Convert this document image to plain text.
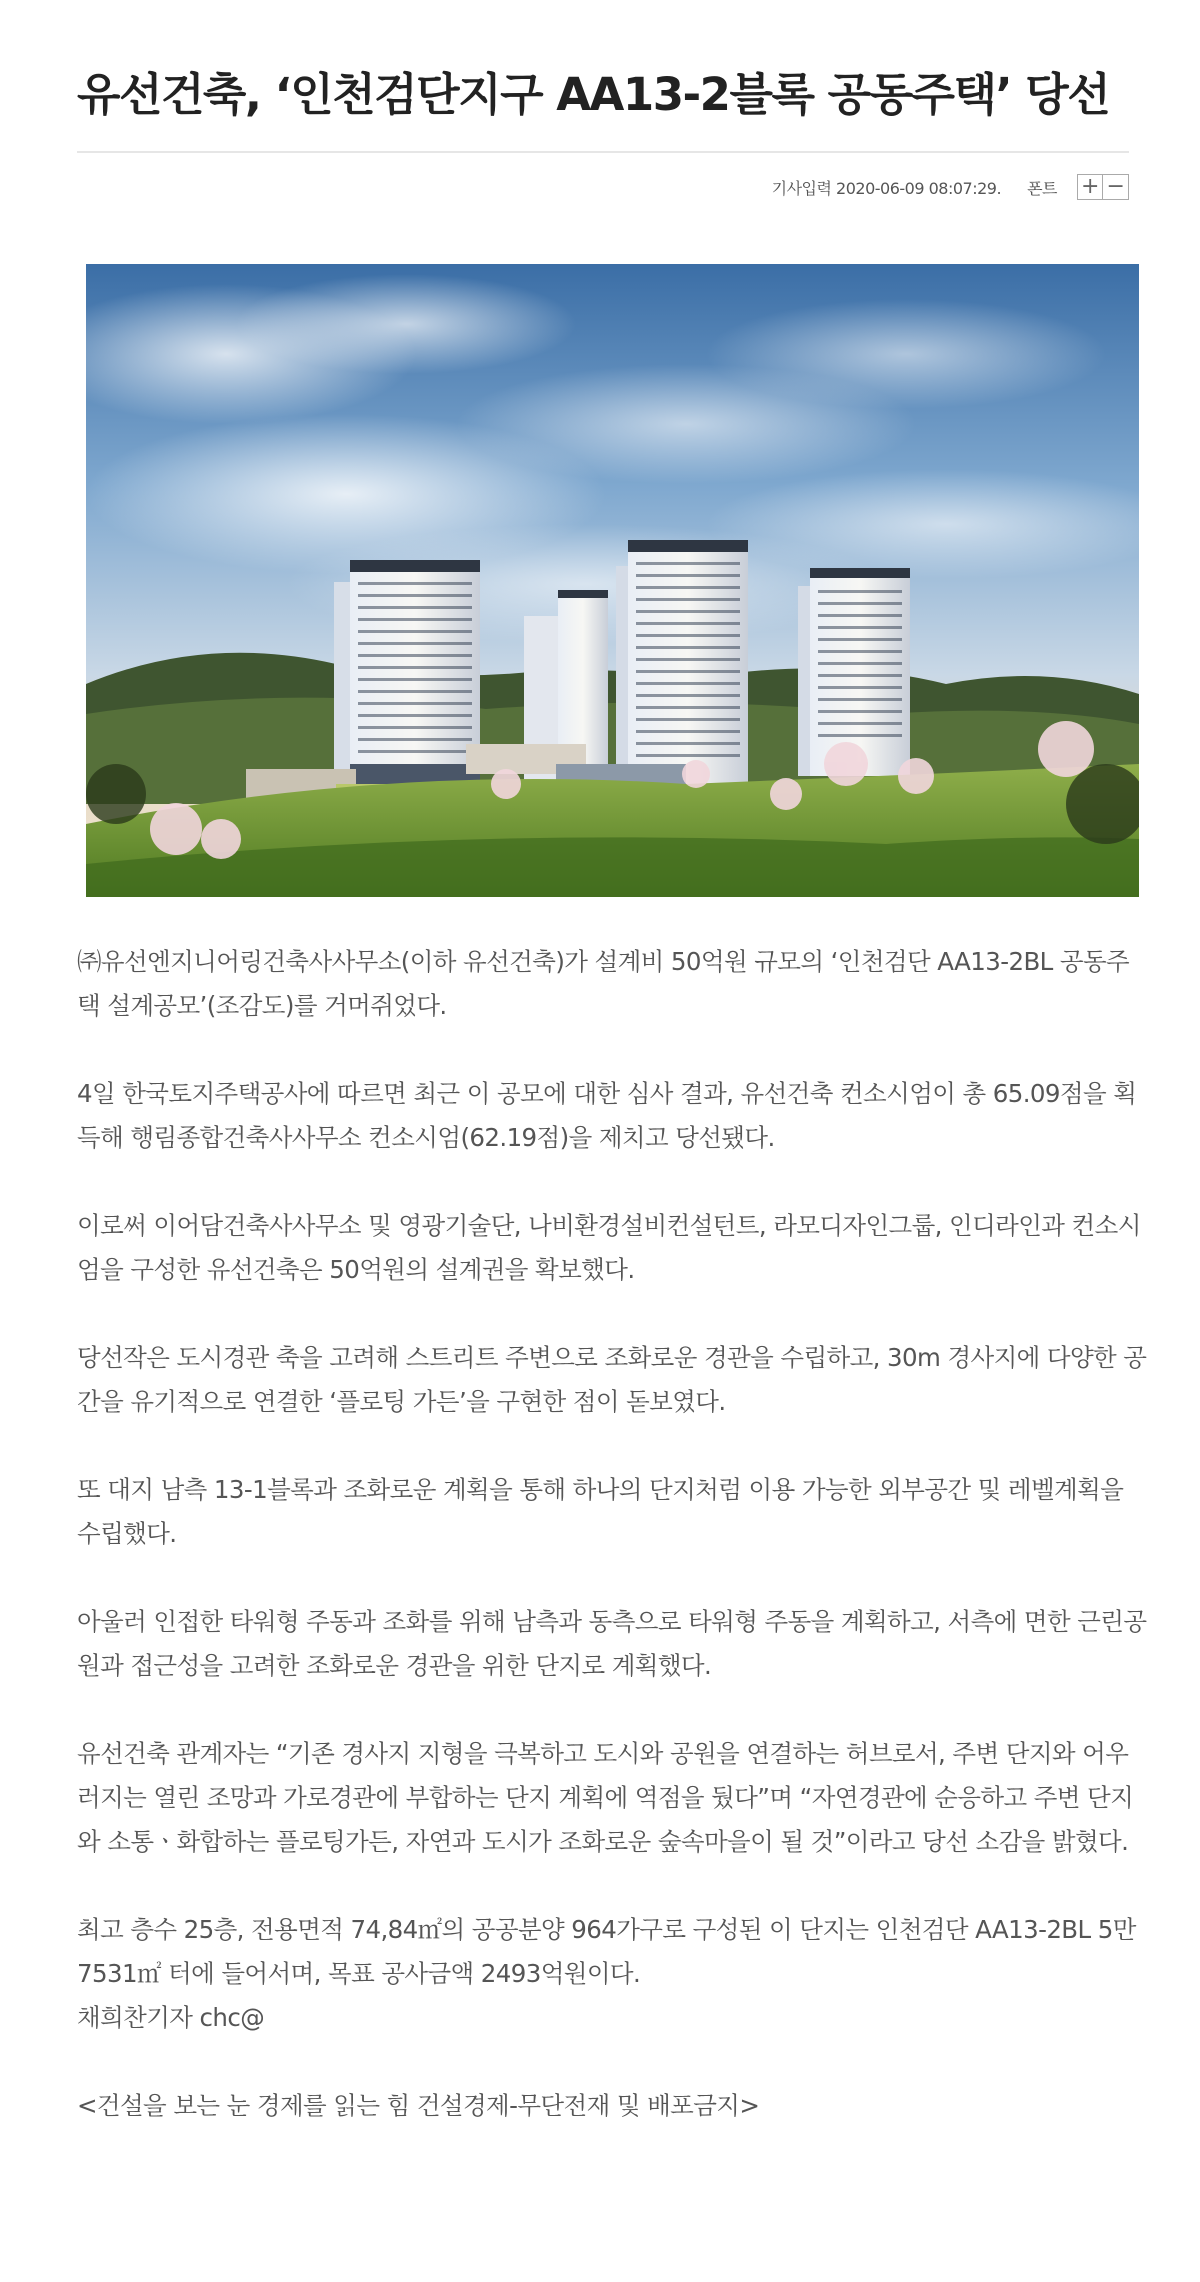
유선건축, ‘인천검단지구 AA13-2블록 공동주택’ 당선
기사입력 2020-06-09 08:07:29. 폰트 + −

㈜유선엔지니어링건축사사무소(이하 유선건축)가 설계비 50억원 규모의 ‘인천검단 AA13-2BL 공동주택 설계공모’(조감도)를 거머쥐었다.

4일 한국토지주택공사에 따르면 최근 이 공모에 대한 심사 결과, 유선건축 컨소시엄이 총 65.09점을 획득해 행림종합건축사사무소 컨소시엄(62.19점)을 제치고 당선됐다.

이로써 이어담건축사사무소 및 영광기술단, 나비환경설비컨설턴트, 라모디자인그룹, 인디라인과 컨소시엄을 구성한 유선건축은 50억원의 설계권을 확보했다.

당선작은 도시경관 축을 고려해 스트리트 주변으로 조화로운 경관을 수립하고, 30m 경사지에 다양한 공간을 유기적으로 연결한 ‘플로팅 가든’을 구현한 점이 돋보였다.

또 대지 남측 13-1블록과 조화로운 계획을 통해 하나의 단지처럼 이용 가능한 외부공간 및 레벨계획을 수립했다.

아울러 인접한 타워형 주동과 조화를 위해 남측과 동측으로 타워형 주동을 계획하고, 서측에 면한 근린공원과 접근성을 고려한 조화로운 경관을 위한 단지로 계획했다.

유선건축 관계자는 “기존 경사지 지형을 극복하고 도시와 공원을 연결하는 허브로서, 주변 단지와 어우러지는 열린 조망과 가로경관에 부합하는 단지 계획에 역점을 뒀다”며 “자연경관에 순응하고 주변 단지와 소통ㆍ화합하는 플로팅가든, 자연과 도시가 조화로운 숲속마을이 될 것”이라고 당선 소감을 밝혔다.

최고 층수 25층, 전용면적 74,84㎡의 공공분양 964가구로 구성된 이 단지는 인천검단 AA13-2BL 5만7531㎡ 터에 들어서며, 목표 공사금액 2493억원이다.

채희찬기자 chc@

<건설을 보는 눈 경제를 읽는 힘 건설경제-무단전재 및 배포금지>
